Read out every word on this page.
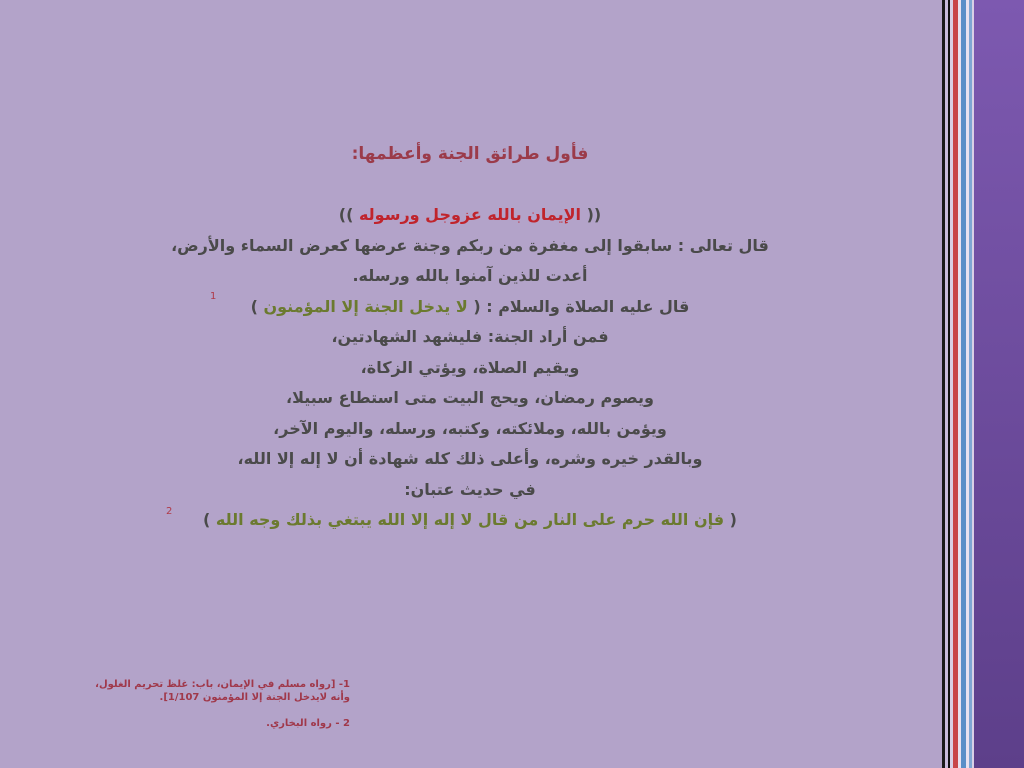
فأول طرائق الجنة وأعظمها:
(( الإيمان بالله عزوجل ورسوله ))
قال تعالى : سابقوا إلى مغفرة من ربكم وجنة عرضها كعرض السماء والأرض،
أعدت للذين آمنوا بالله ورسله.
قال عليه الصلاة والسلام : ( لا يدخل الجنة إلا المؤمنون )
فمن أراد الجنة: فليشهد الشهادتين،
ويقيم الصلاة، ويؤتي الزكاة،
ويصوم رمضان، ويحج البيت متى استطاع سبيلا،
ويؤمن بالله، وملائكته، وكتبه، ورسله، واليوم الآخر،
وبالقدر خيره وشره، وأعلى ذلك كله شهادة أن لا إله إلا الله،
في حديث عتبان:
( فإن الله حرم على النار من قال لا إله إلا الله يبتغي بذلك وجه الله )
1
2
1- [رواه مسلم في الإيمان، باب: غلظ تحريم الغلول،
وأنه لايدخل الجنة إلا المؤمنون 1/107].
2 - رواه البخاري.
